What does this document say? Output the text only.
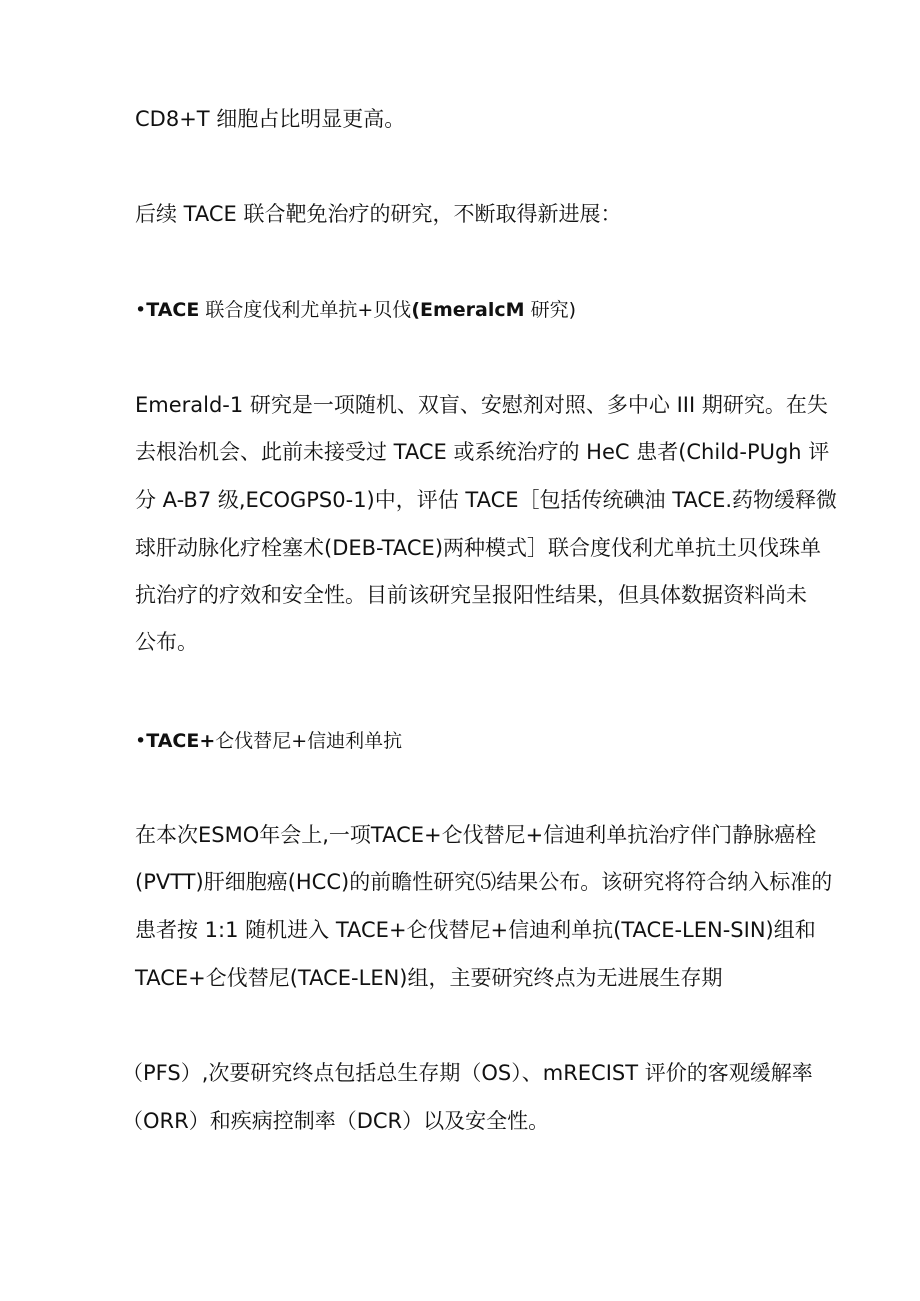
CD8+T 细胞占比明显更高。
后续 TACE 联合靶免治疗的研究，不断取得新进展：
•TACE 联合度伐利尤单抗+贝伐(EmeralcM 研究)
Emerald-1 研究是一项随机、双盲、安慰剂对照、多中心 III 期研究。在失
去根治机会、此前未接受过 TACE 或系统治疗的 HeC 患者(Child-PUgh 评
分 A-B7 级,ECOGPS0-1)中，评估 TACE［包括传统碘油 TACE.药物缓释微
球肝动脉化疗栓塞术(DEB-TACE)两种模式］联合度伐利尤单抗土贝伐珠单
抗治疗的疗效和安全性。目前该研究呈报阳性结果，但具体数据资料尚未
公布。
•TACE+仑伐替尼+信迪利单抗
在本次ESMO年会上,一项TACE+仑伐替尼+信迪利单抗治疗伴门静脉癌栓
(PVTT)肝细胞癌(HCC)的前瞻性研究⑸结果公布。该研究将符合纳入标准的
患者按 1:1 随机进入 TACE+仑伐替尼+信迪利单抗(TACE-LEN-SIN)组和
TACE+仑伐替尼(TACE-LEN)组，主要研究终点为无进展生存期
（PFS）,次要研究终点包括总生存期（OS）、mRECIST 评价的客观缓解率
（ORR）和疾病控制率（DCR）以及安全性。
